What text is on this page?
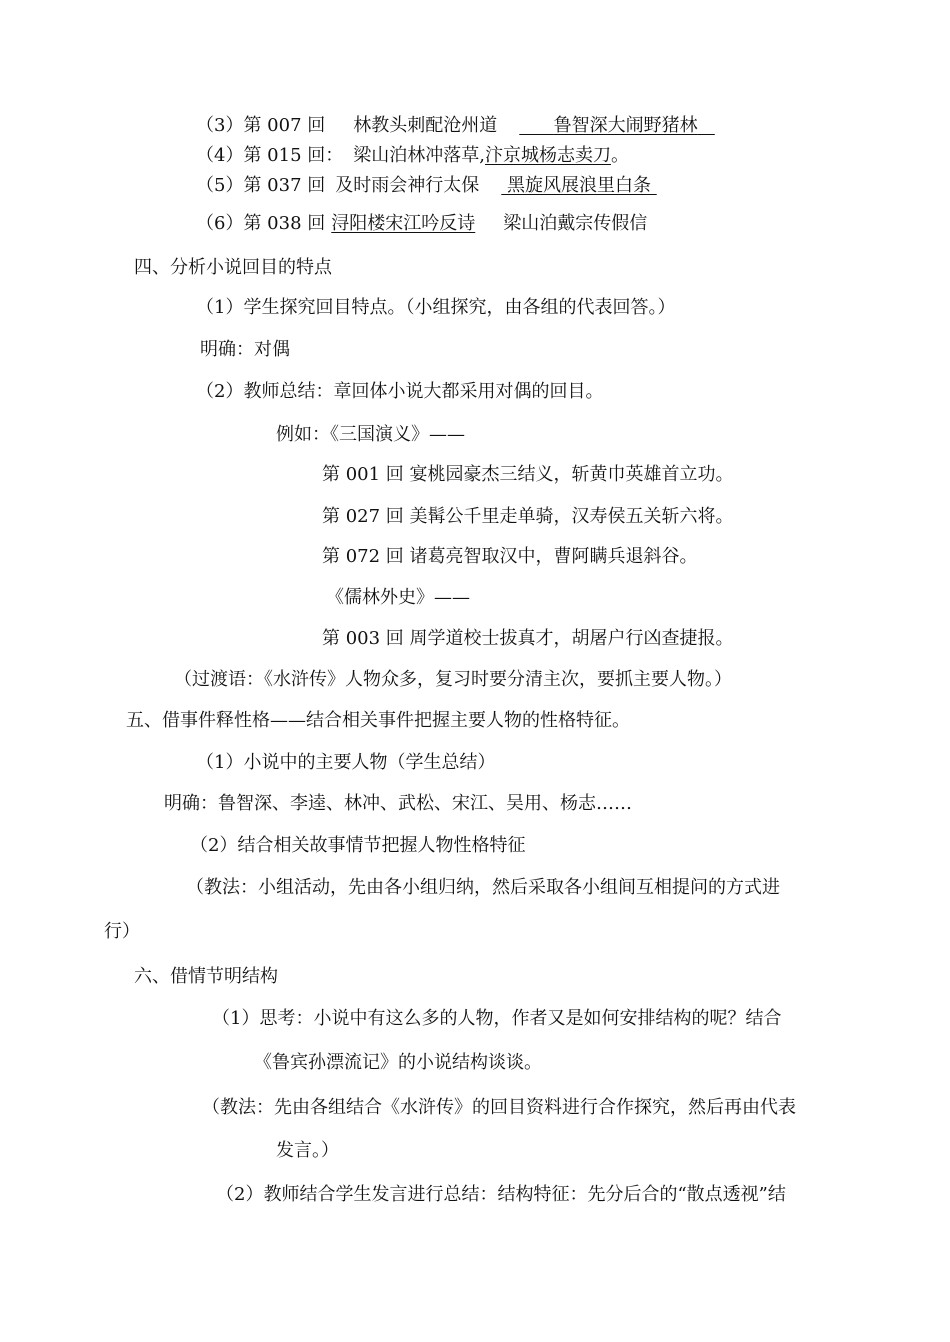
（3）第 007 回 林教头刺配沧州道	鲁智深大闹野猪林
（4）第 015 回： 梁山泊林冲落草,汴京城杨志卖刀。
（5）第 037 回 及时雨会神行太保 黑旋风展浪里白条
（6）第 038 回 浔阳楼宋江吟反诗 梁山泊戴宗传假信
四、分析小说回目的特点
（1）学生探究回目特点。（小组探究，由各组的代表回答。）
明确：对偶
（2）教师总结：章回体小说大都采用对偶的回目。
例如：《三国演义》——
第 001 回 宴桃园豪杰三结义，斩黄巾英雄首立功。
第 027 回 美髯公千里走单骑，汉寿侯五关斩六将。
第 072 回 诸葛亮智取汉中，曹阿瞒兵退斜谷。
《儒林外史》——
第 003 回 周学道校士拔真才，胡屠户行凶查捷报。
（过渡语：《水浒传》人物众多，复习时要分清主次，要抓主要人物。）
五、借事件释性格——结合相关事件把握主要人物的性格特征。
（1）小说中的主要人物（学生总结）
明确：鲁智深、李逵、林冲、武松、宋江、吴用、杨志……
（2）结合相关故事情节把握人物性格特征
（教法：小组活动，先由各小组归纳，然后采取各小组间互相提问的方式进
行）
六、借情节明结构
（1）思考：小说中有这么多的人物，作者又是如何安排结构的呢？结合
《鲁宾孙漂流记》的小说结构谈谈。
（教法：先由各组结合《水浒传》的回目资料进行合作探究，然后再由代表
发言。）
（2）教师结合学生发言进行总结：结构特征：先分后合的“散点透视”结
